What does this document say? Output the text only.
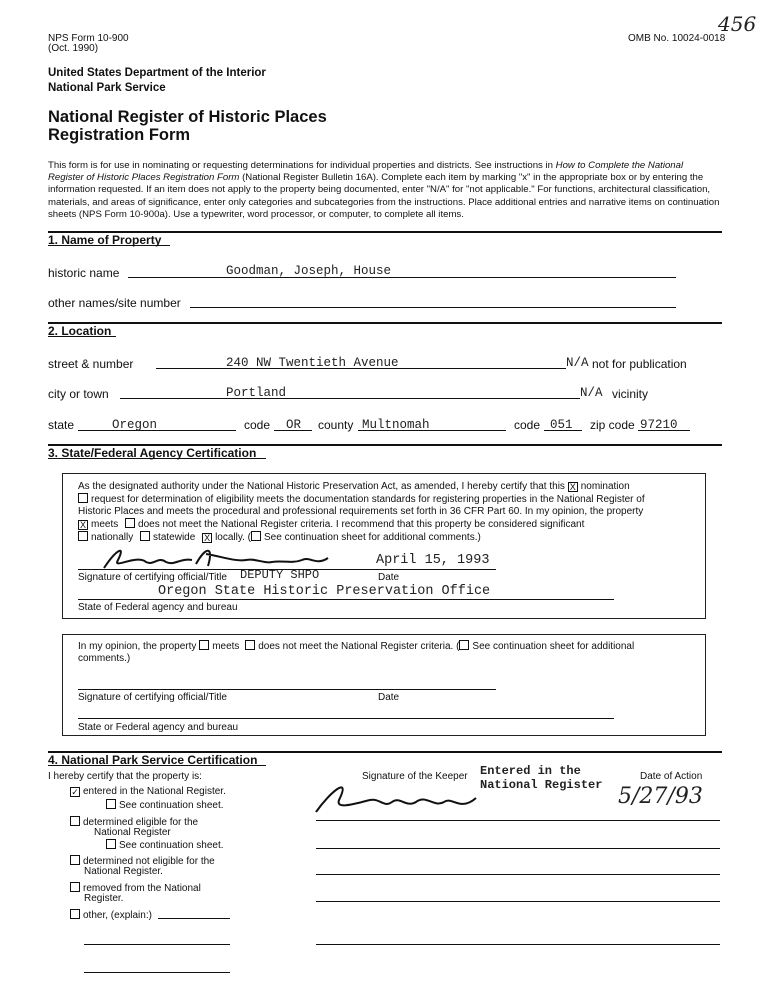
NPS Form 10-900
(Oct. 1990)
OMB No. 10024-0018
456
United States Department of the Interior
National Park Service
National Register of Historic Places
Registration Form
This form is for use in nominating or requesting determinations for individual properties and districts. See instructions in How to Complete the National Register of Historic Places Registration Form (National Register Bulletin 16A). Complete each item by marking "x" in the appropriate box or by entering the information requested. If an item does not apply to the property being documented, enter "N/A" for "not applicable." For functions, architectural classification, materials, and areas of significance, enter only categories and subcategories from the instructions. Place additional entries and narrative items on continuation sheets (NPS Form 10-900a). Use a typewriter, word processor, or computer, to complete all items.
1. Name of Property
historic name	Goodman, Joseph, House
other names/site number
2. Location
street & number	240 NW Twentieth Avenue	N/A not for publication
city or town	Portland	N/A vicinity
state	Oregon	code OR county Multnomah	code 051 zip code 97210
3. State/Federal Agency Certification
As the designated authority under the National Historic Preservation Act, as amended, I hereby certify that this X nomination
request for determination of eligibility meets the documentation standards for registering properties in the National Register of
Historic Places and meets the procedural and professional requirements set forth in 36 CFR Part 60. In my opinion, the property
X meets does not meet the National Register criteria. I recommend that this property be considered significant
nationally statewide X locally. ( See continuation sheet for additional comments.)
April 15, 1993
Signature of certifying official/Title DEPUTY SHPO	Date
Oregon State Historic Preservation Office
State of Federal agency and bureau
In my opinion, the property meets does not meet the National Register criteria. ( See continuation sheet for additional
comments.)
Signature of certifying official/Title	Date
State or Federal agency and bureau
4. National Park Service Certification
I hereby certify that the property is:
✓ entered in the National Register.
See continuation sheet.
determined eligible for the
National Register
See continuation sheet.
determined not eligible for the
National Register.
removed from the National
Register.
other, (explain:)
Signature of the Keeper	Date of Action
Entered in the
National Register 5/27/93
